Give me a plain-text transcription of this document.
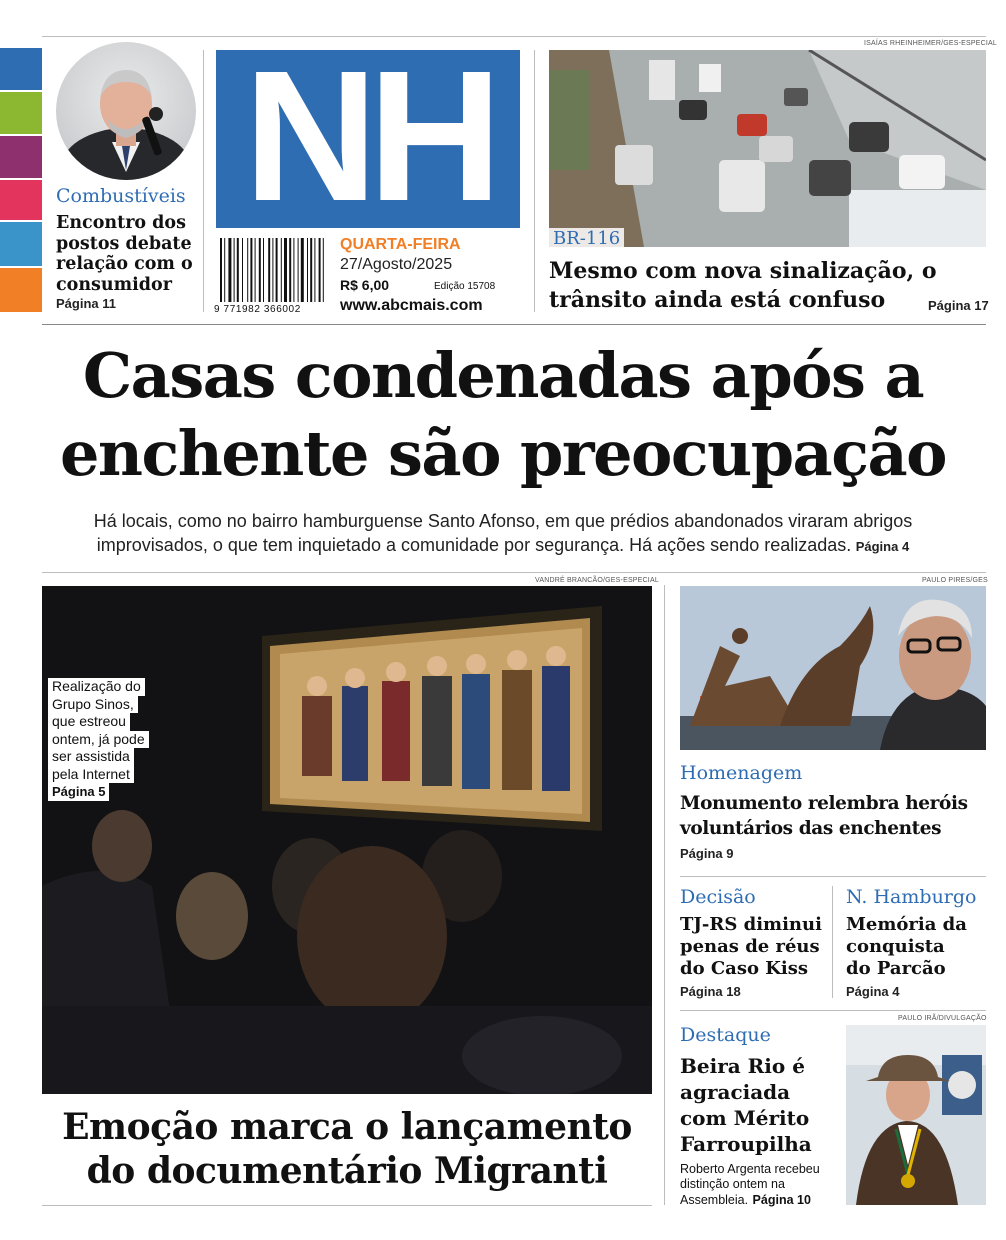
Combustíveis
Encontro dos postos debate relação com o consumidor
Página 11
NH
9 771982 366002
QUARTA-FEIRA
27/Agosto/2025
R$ 6,00	Edição 15708
www.abcmais.com
ISAÍAS RHEINHEIMER/GES-ESPECIAL
BR-116
Mesmo com nova sinalização, o trânsito ainda está confuso	Página 17
Casas condenadas após a
enchente são preocupação
Há locais, como no bairro hamburguense Santo Afonso, em que prédios abandonados viraram abrigos
improvisados, o que tem inquietado a comunidade por segurança. Há ações sendo realizadas. Página 4
VANDRÉ BRANCÃO/GES-ESPECIAL
Realização do
Grupo Sinos,
que estreou
ontem, já pode
ser assistida
pela Internet
Página 5
Emoção marca o lançamento
do documentário Migranti
PAULO PIRES/GES
Homenagem
Monumento relembra heróis
voluntários das enchentes
Página 9
Decisão
TJ-RS diminui
penas de réus
do Caso Kiss
Página 18
N. Hamburgo
Memória da
conquista
do Parcão
Página 4
PAULO IRÃ/DIVULGAÇÃO
Destaque
Beira Rio é
agraciada
com Mérito
Farroupilha
Roberto Argenta recebeu
distinção ontem na
Assembleia. Página 10
